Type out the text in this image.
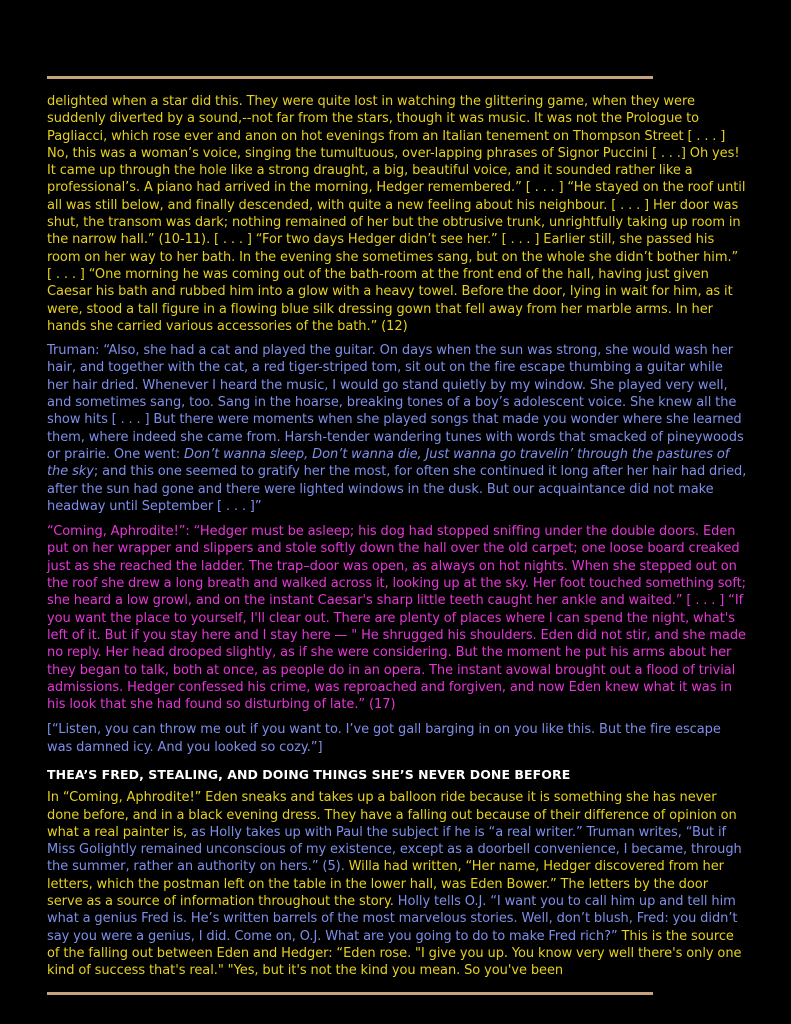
delighted when a star did this. They were quite lost in watching the glittering game, when they were suddenly diverted by a sound,--not far from the stars, though it was music. It was not the Prologue to Pagliacci, which rose ever and anon on hot evenings from an Italian tenement on Thompson Street [ . . . ] No, this was a woman’s voice, singing the tumultuous, over-lapping phrases of Signor Puccini [ . . .] Oh yes! It came up through the hole like a strong draught, a big, beautiful voice, and it sounded rather like a professional’s. A piano had arrived in the morning, Hedger remembered.” [ . . . ] “He stayed on the roof until all was still below, and finally descended, with quite a new feeling about his neighbour. [ . . . ] Her door was shut, the transom was dark; nothing remained of her but the obtrusive trunk, unrightfully taking up room in the narrow hall.” (10-11). [ . . . ] “For two days Hedger didn’t see her.” [ . . . ] Earlier still, she passed his room on her way to her bath. In the evening she sometimes sang, but on the whole she didn’t bother him.” [ . . . ] “One morning he was coming out of the bath-room at the front end of the hall, having just given Caesar his bath and rubbed him into a glow with a heavy towel. Before the door, lying in wait for him, as it were, stood a tall figure in a flowing blue silk dressing gown that fell away from her marble arms. In her hands she carried various accessories of the bath.” (12)

Truman: “Also, she had a cat and played the guitar. On days when the sun was strong, she would wash her hair, and together with the cat, a red tiger-striped tom, sit out on the fire escape thumbing a guitar while her hair dried. Whenever I heard the music, I would go stand quietly by my window. She played very well, and sometimes sang, too. Sang in the hoarse, breaking tones of a boy’s adolescent voice. She knew all the show hits [ . . . ] But there were moments when she played songs that made you wonder where she learned them, where indeed she came from. Harsh-tender wandering tunes with words that smacked of pineywoods or prairie. One went: Don’t wanna sleep, Don’t wanna die, Just wanna go travelin’ through the pastures of the sky; and this one seemed to gratify her the most, for often she continued it long after her hair had dried, after the sun had gone and there were lighted windows in the dusk. But our acquaintance did not make headway until September [ . . . ]”

“Coming, Aphrodite!”: “Hedger must be asleep; his dog had stopped sniffing under the double doors. Eden put on her wrapper and slippers and stole softly down the hall over the old carpet; one loose board creaked just as she reached the ladder. The trap–door was open, as always on hot nights. When she stepped out on the roof she drew a long breath and walked across it, looking up at the sky. Her foot touched something soft; she heard a low growl, and on the instant Caesar's sharp little teeth caught her ankle and waited.” [ . . . ] “If you want the place to yourself, I'll clear out. There are plenty of places where I can spend the night, what's left of it. But if you stay here and I stay here — " He shrugged his shoulders. Eden did not stir, and she made no reply. Her head drooped slightly, as if she were considering. But the moment he put his arms about her they began to talk, both at once, as people do in an opera. The instant avowal brought out a flood of trivial admissions. Hedger confessed his crime, was reproached and forgiven, and now Eden knew what it was in his look that she had found so disturbing of late.” (17)

[“Listen, you can throw me out if you want to. I’ve got gall barging in on you like this. But the fire escape was damned icy. And you looked so cozy.”]

THEA’S FRED, STEALING, AND DOING THINGS SHE’S NEVER DONE BEFORE

In “Coming, Aphrodite!” Eden sneaks and takes up a balloon ride because it is something she has never done before, and in a black evening dress. They have a falling out because of their difference of opinion on what a real painter is, as Holly takes up with Paul the subject if he is “a real writer.” Truman writes, “But if Miss Golightly remained unconscious of my existence, except as a doorbell convenience, I became, through the summer, rather an authority on hers.” (5). Willa had written, “Her name, Hedger discovered from her letters, which the postman left on the table in the lower hall, was Eden Bower.” The letters by the door serve as a source of information throughout the story. Holly tells O.J. “I want you to call him up and tell him what a genius Fred is. He’s written barrels of the most marvelous stories. Well, don’t blush, Fred: you didn’t say you were a genius, I did. Come on, O.J. What are you going to do to make Fred rich?” This is the source of the falling out between Eden and Hedger: “Eden rose. "I give you up. You know very well there's only one kind of success that's real." "Yes, but it's not the kind you mean. So you've been
